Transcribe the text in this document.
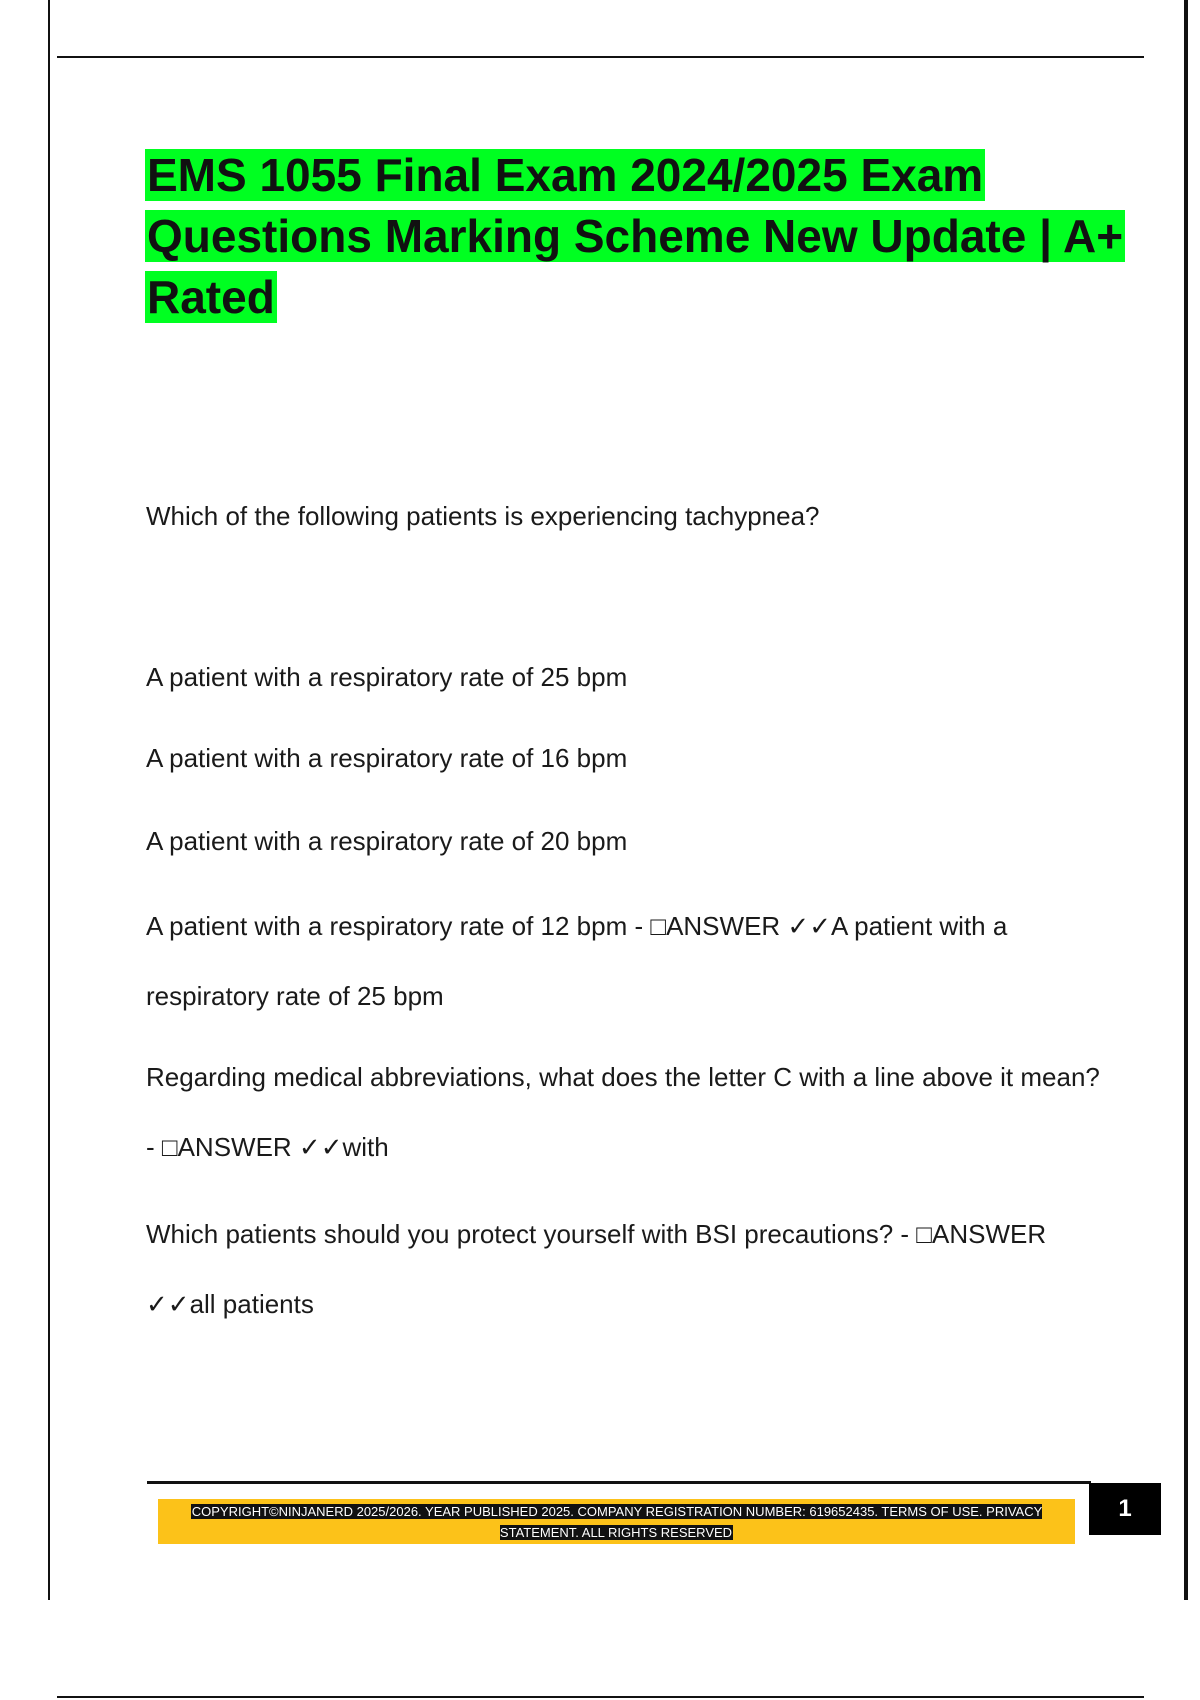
EMS 1055 Final Exam 2024/2025 Exam Questions Marking Scheme New Update | A+ Rated

Which of the following patients is experiencing tachypnea?

A patient with a respiratory rate of 25 bpm

A patient with a respiratory rate of 16 bpm

A patient with a respiratory rate of 20 bpm

A patient with a respiratory rate of 12 bpm - □ANSWER ✓✓A patient with a respiratory rate of 25 bpm

Regarding medical abbreviations, what does the letter C with a line above it mean? - □ANSWER ✓✓with

Which patients should you protect yourself with BSI precautions? - □ANSWER ✓✓all patients

COPYRIGHT©NINJANERD 2025/2026. YEAR PUBLISHED 2025. COMPANY REGISTRATION NUMBER: 619652435. TERMS OF USE. PRIVACY STATEMENT. ALL RIGHTS RESERVED

1
